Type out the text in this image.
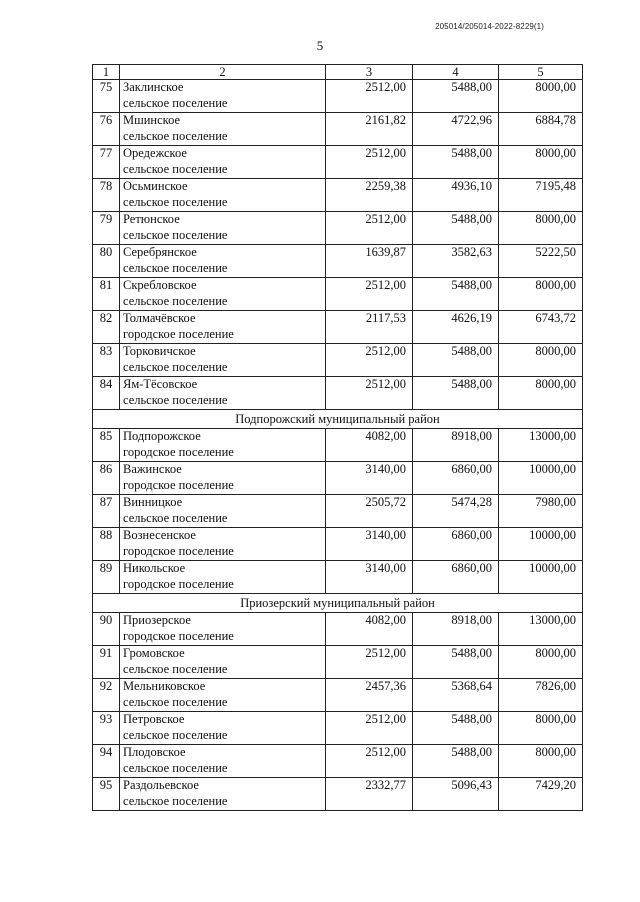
205014/205014-2022-8229(1)
5
1	2	3	4	5
75	Заклинское
сельское поселение	2512,00	5488,00	8000,00
76	Мшинское
сельское поселение	2161,82	4722,96	6884,78
77	Оредежское
сельское поселение	2512,00	5488,00	8000,00
78	Осьминское
сельское поселение	2259,38	4936,10	7195,48
79	Ретюнское
сельское поселение	2512,00	5488,00	8000,00
80	Серебрянское
сельское поселение	1639,87	3582,63	5222,50
81	Скребловское
сельское поселение	2512,00	5488,00	8000,00
82	Толмачёвское
городское поселение	2117,53	4626,19	6743,72
83	Торковичское
сельское поселение	2512,00	5488,00	8000,00
84	Ям-Тёсовское
сельское поселение	2512,00	5488,00	8000,00
Подпорожский муниципальный район				
85	Подпорожское
городское поселение	4082,00	8918,00	13000,00
86	Важинское
городское поселение	3140,00	6860,00	10000,00
87	Винницкое
сельское поселение	2505,72	5474,28	7980,00
88	Вознесенское
городское поселение	3140,00	6860,00	10000,00
89	Никольское
городское поселение	3140,00	6860,00	10000,00
Приозерский муниципальный район				
90	Приозерское
городское поселение	4082,00	8918,00	13000,00
91	Громовское
сельское поселение	2512,00	5488,00	8000,00
92	Мельниковское
сельское поселение	2457,36	5368,64	7826,00
93	Петровское
сельское поселение	2512,00	5488,00	8000,00
94	Плодовское
сельское поселение	2512,00	5488,00	8000,00
95	Раздольевское
сельское поселение	2332,77	5096,43	7429,20
